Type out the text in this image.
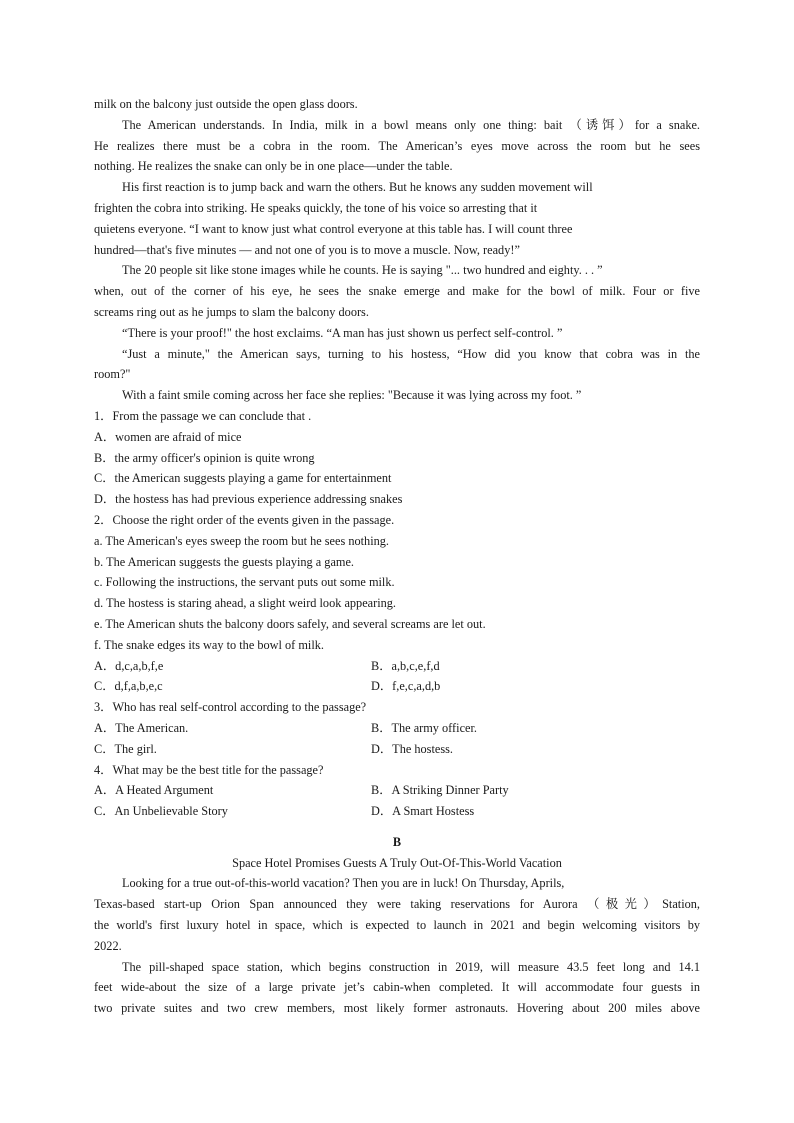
milk on the balcony just outside the open glass doors.
The American understands. In India, milk in a bowl means only one thing: bait （诱饵）for a snake.
He realizes there must be a cobra in the room. The American’s eyes move across the room but he sees
nothing. He realizes the snake can only be in one place—under the table.
His first reaction is to jump back and warn the others. But he knows any sudden movement will
frighten the cobra into striking. He speaks quickly, the tone of his voice so arresting that it
quietens everyone. “I want to know just what control everyone at this table has. I will count three
hundred—that's five minutes — and not one of you is to move a muscle. Now, ready!”
The 20 people sit like stone images while he counts. He is saying "... two hundred and eighty. . . ”
when, out of the corner of his eye, he sees the snake emerge and make for the bowl of milk. Four or five
screams ring out as he jumps to slam the balcony doors.
“There is your proof!" the host exclaims. “A man has just shown us perfect self-control. ”
“Just a minute," the American says, turning to his hostess, “How did you know that cobra was in the
room?"
With a faint smile coming across her face she replies: "Because it was lying across my foot. ”
1．From the passage we can conclude that .
A．women are afraid of mice
B．the army officer's opinion is quite wrong
C．the American suggests playing a game for entertainment
D．the hostess has had previous experience addressing snakes
2．Choose the right order of the events given in the passage.
a. The American's eyes sweep the room but he sees nothing.
b. The American suggests the guests playing a game.
c. Following the instructions, the servant puts out some milk.
d. The hostess is staring ahead, a slight weird look appearing.
e. The American shuts the balcony doors safely, and several screams are let out.
f. The snake edges its way to the bowl of milk.
A．d,c,a,b,f,e	B．a,b,c,e,f,d
C．d,f,a,b,e,c	D．f,e,c,a,d,b
3．Who has real self-control according to the passage?
A．The American.	B．The army officer.
C．The girl.	D．The hostess.
4．What may be the best title for the passage?
A．A Heated Argument	B．A Striking Dinner Party
C．An Unbelievable Story	D．A Smart Hostess
B
Space Hotel Promises Guests A Truly Out-Of-This-World Vacation
Looking for a true out-of-this-world vacation? Then you are in luck! On Thursday, Aprils,
Texas-based start-up Orion Span announced they were taking reservations for Aurora （极光）Station,
the world's first luxury hotel in space, which is expected to launch in 2021 and begin welcoming visitors by
2022.
The pill-shaped space station, which begins construction in 2019, will measure 43.5 feet long and 14.1
feet wide-about the size of a large private jet’s cabin-when completed. It will accommodate four guests in
two private suites and two crew members, most likely former astronauts. Hovering about 200 miles above
